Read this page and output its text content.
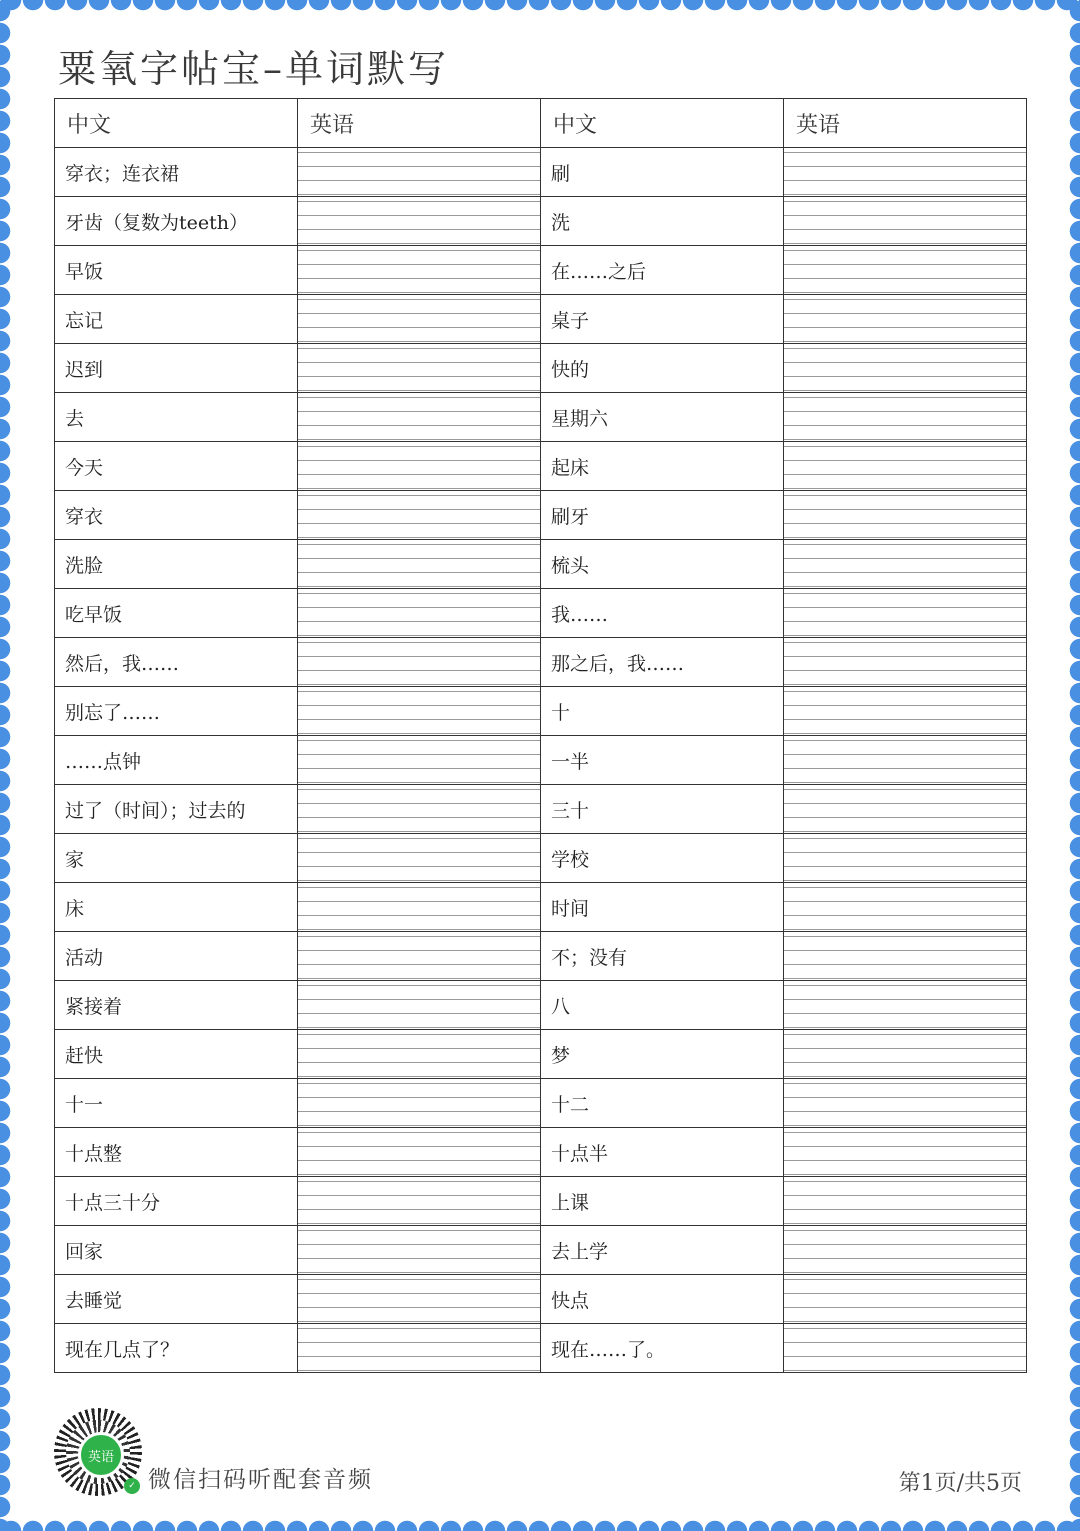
粟氧字帖宝–单词默写
中文	英语	中文	英语
穿衣；连衣裙		刷	
牙齿（复数为teeth）		洗	
早饭		在……之后	
忘记		桌子	
迟到		快的	
去		星期六	
今天		起床	
穿衣		刷牙	
洗脸		梳头	
吃早饭		我……	
然后，我……		那之后，我……	
别忘了……		十	
……点钟		一半	
过了（时间）；过去的		三十	
家		学校	
床		时间	
活动		不；没有	
紧接着		八	
赶快		梦	
十一		十二	
十点整		十点半	
十点三十分		上课	
回家		去上学	
去睡觉		快点	
现在几点了？		现在……了。	
英语
✓ 微信扫码听配套音频	第1页/共5页
